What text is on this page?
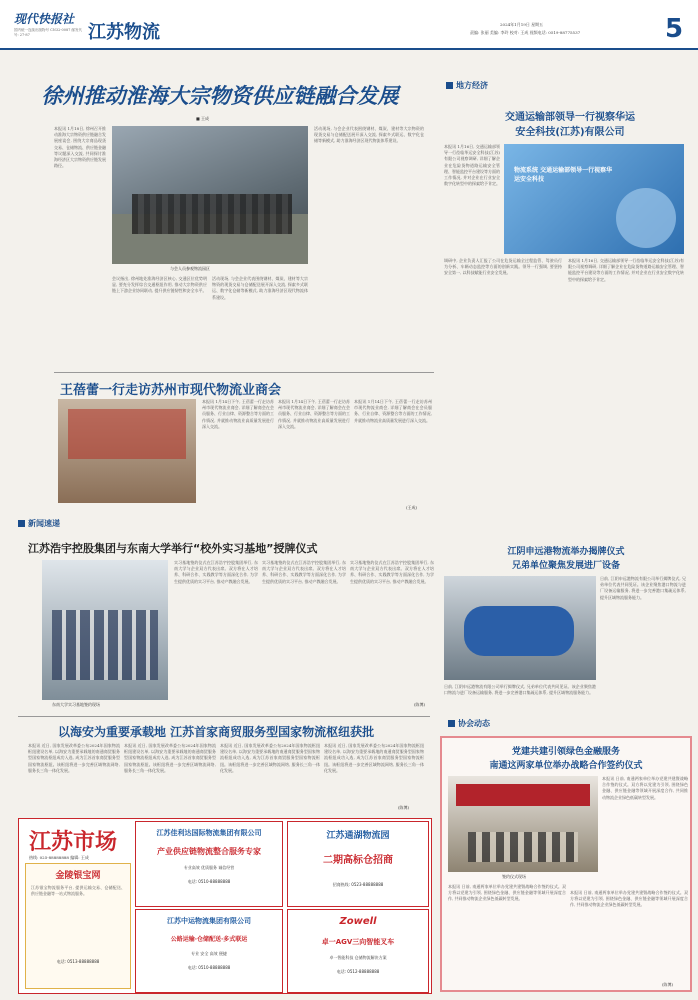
现代快报社
国内统一连续出版物号 CN32-0087 邮发代号: 27-87	江苏物流	2024年1月19日 星期五
责编: 张丽 美编: 李玲 校对: 王成 视频电话: 0519-88775537	5
徐州推动淮海大宗物资供应链融合发展
■ 王成
本报讯 1月18日, 徐州召开推动淮海大宗物资供应链融合发展座谈会, 围绕大宗商品现货交易、仓储物流、供应链金融等议题深入交流, 共同探讨淮海经济区大宗物资供应链发展路径。
与会人员参观物流园区
会议指出, 徐州地处淮海经济区核心, 交通区位优势明显, 要充分发挥综合交通枢纽作用, 推动大宗物资供应链上下游企业协同联动, 提升供应链韧性和安全水平。
活动现场, 与会企业代表围绕钢材、煤炭、建材等大宗物资的现货交易与仓储配送展开深入交流, 探索多式联运、数字化仓储等新模式, 助力淮海经济区现代物流体系建设。
活动现场, 与会企业代表围绕钢材、煤炭、建材等大宗物资的现货交易与仓储配送展开深入交流, 探索多式联运、数字化仓储等新模式, 助力淮海经济区现代物流体系建设。
地方经济
交通运输部领导一行视察华运
安全科技(江苏)有限公司
本报讯 1月16日, 交通运输部领导一行莅临华运安全科技(江苏)有限公司视察调研, 详细了解企业在危险货物道路运输安全管理、智能监控平台建设等方面的工作情况, 并对企业在行业安全数字化转型中的探索给予肯定。
物流系统 交通运输部领导一行视察华运安全科技
调研中, 企业负责人汇报了公司在危货运输全过程监管、驾驶员行为分析、车辆动态监控等方面的创新实践。领导一行强调, 要坚持安全第一, 以科技赋能行业安全发展。
本报讯 1月16日, 交通运输部领导一行莅临华运安全科技(江苏)有限公司视察调研, 详细了解企业在危险货物道路运输安全管理、智能监控平台建设等方面的工作情况, 并对企业在行业安全数字化转型中的探索给予肯定。
王蓓蕾一行走访苏州市现代物流业商会
本报讯 1月14日下午, 王蓓蕾一行走访苏州市现代物流业商会, 详细了解商会在会员服务、行业自律、资源整合等方面的工作情况, 并就推动物流业高质量发展进行深入交流。
本报讯 1月14日下午, 王蓓蕾一行走访苏州市现代物流业商会, 详细了解商会在会员服务、行业自律、资源整合等方面的工作情况, 并就推动物流业高质量发展进行深入交流。
本报讯 1月14日下午, 王蓓蕾一行走访苏州市现代物流业商会, 详细了解商会在会员服务、行业自律、资源整合等方面的工作情况, 并就推动物流业高质量发展进行深入交流。
(王成)
江阴申远港物流举办揭牌仪式
兄弟单位聚焦发展进厂设备
日前, 江阴申远港物流有限公司举行揭牌仪式, 兄弟单位代表共同见证。该企业聚焦港口物流与进厂设备运输服务, 将进一步完善港口集疏运体系, 提升区域物流服务能力。
日前, 江阴申远港物流有限公司举行揭牌仪式, 兄弟单位代表共同见证。该企业聚焦港口物流与进厂设备运输服务, 将进一步完善港口集疏运体系, 提升区域物流服务能力。
新闻速递
江苏浩宇控股集团与东南大学举行“校外实习基地”授牌仪式
东南大学实习基地签约现场
实习基地签约仪式在江苏浩宇控股集团举行, 东南大学与企业双方代表出席。双方将在人才培养、科研合作、实践教学等方面深化合作, 为学生提供优质的实习平台, 推动产教融合发展。
实习基地签约仪式在江苏浩宇控股集团举行, 东南大学与企业双方代表出席。双方将在人才培养、科研合作、实践教学等方面深化合作, 为学生提供优质的实习平台, 推动产教融合发展。
实习基地签约仪式在江苏浩宇控股集团举行, 东南大学与企业双方代表出席。双方将在人才培养、科研合作、实践教学等方面深化合作, 为学生提供优质的实习平台, 推动产教融合发展。
(陈博)
以海安为重要承载地 江苏首家商贸服务型国家物流枢纽获批
本报讯 近日, 国家发展改革委公布2024年国家物流枢纽建设名单, 以海安为重要承载地的南通商贸服务型国家物流枢纽成功入选, 成为江苏首家商贸服务型国家物流枢纽。该枢纽将进一步完善区域物流网络, 服务长三角一体化发展。
本报讯 近日, 国家发展改革委公布2024年国家物流枢纽建设名单, 以海安为重要承载地的南通商贸服务型国家物流枢纽成功入选, 成为江苏首家商贸服务型国家物流枢纽。该枢纽将进一步完善区域物流网络, 服务长三角一体化发展。
本报讯 近日, 国家发展改革委公布2024年国家物流枢纽建设名单, 以海安为重要承载地的南通商贸服务型国家物流枢纽成功入选, 成为江苏首家商贸服务型国家物流枢纽。该枢纽将进一步完善区域物流网络, 服务长三角一体化发展。
本报讯 近日, 国家发展改革委公布2024年国家物流枢纽建设名单, 以海安为重要承载地的南通商贸服务型国家物流枢纽成功入选, 成为江苏首家商贸服务型国家物流枢纽。该枢纽将进一步完善区域物流网络, 服务长三角一体化发展。
(陈博)
协会动态
党建共建引领绿色金融服务
南通这两家单位举办战略合作签约仪式
签约仪式现场
本报讯 日前, 南通两家单位举办党建共建暨战略合作签约仪式。双方将以党建为引领, 围绕绿色金融、供应链金融等领域开展深度合作, 共同推动物流企业绿色低碳转型发展。
本报讯 日前, 南通两家单位举办党建共建暨战略合作签约仪式。双方将以党建为引领, 围绕绿色金融、供应链金融等领域开展深度合作, 共同推动物流企业绿色低碳转型发展。
本报讯 日前, 南通两家单位举办党建共建暨战略合作签约仪式。双方将以党建为引领, 围绕绿色金融、供应链金融等领域开展深度合作, 共同推动物流企业绿色低碳转型发展。
(陈博)
江苏市场
热线: 025-88888888 编辑: 王成
金陵银宝网
江苏银宝物流服务平台, 提供运输交易、仓储配送、供应链金融等一站式物流服务。
电话: 0513-88888888
江苏佳利达国际物流集团有限公司
产业供应链物流整合服务专家
专业高效 优质服务 诚信经营
电话: 0510-88888888
江苏通湖物流园
二期高标仓招商
招商热线: 0523-88888888
江苏中运物流集团有限公司
公路运输·仓储配送·多式联运
专业 安全 高效 便捷
电话: 0510-88888888
Zowell
卓一AGV三向智能叉车
卓一智能科技 仓储物流解决方案
电话: 0512-88888888
